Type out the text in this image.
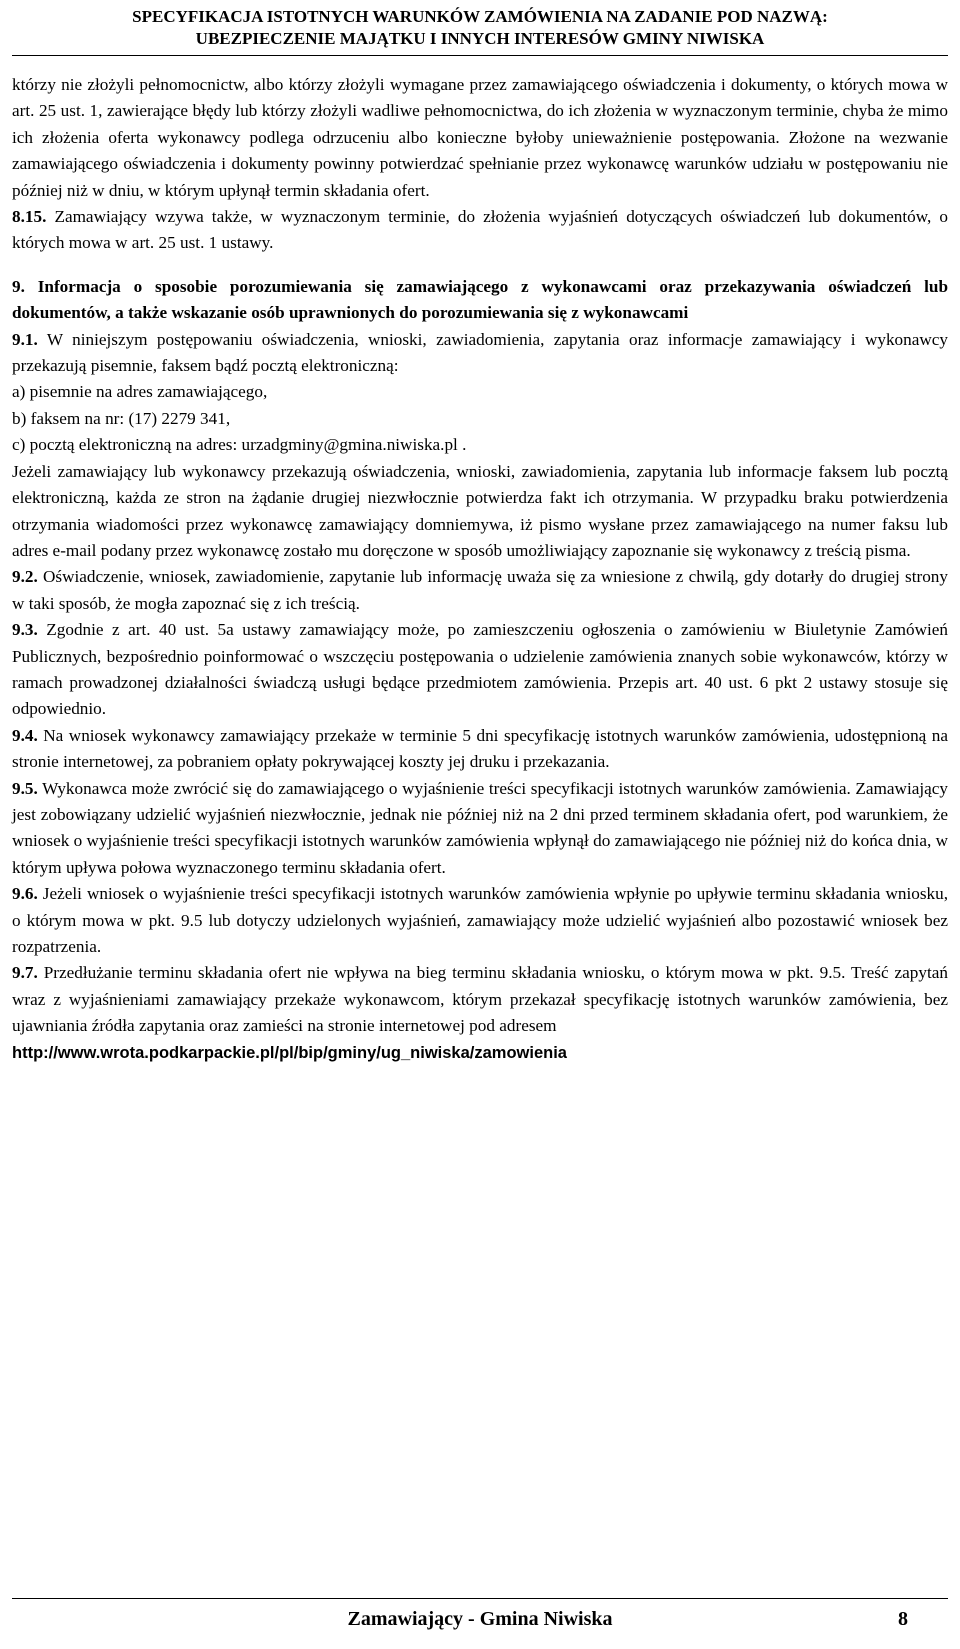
SPECYFIKACJA ISTOTNYCH WARUNKÓW ZAMÓWIENIA NA ZADANIE POD NAZWĄ:
UBEZPIECZENIE MAJĄTKU I INNYCH INTERESÓW GMINY NIWISKA

którzy nie złożyli pełnomocnictw, albo którzy złożyli wymagane przez zamawiającego oświadczenia i dokumenty, o których mowa w art. 25 ust. 1, zawierające błędy lub którzy złożyli wadliwe pełnomocnictwa, do ich złożenia w wyznaczonym terminie, chyba że mimo ich złożenia oferta wykonawcy podlega odrzuceniu albo konieczne byłoby unieważnienie postępowania. Złożone na wezwanie zamawiającego oświadczenia i dokumenty powinny potwierdzać spełnianie przez wykonawcę warunków udziału w postępowaniu nie później niż w dniu, w którym upłynął termin składania ofert.

8.15. Zamawiający wzywa także, w wyznaczonym terminie, do złożenia wyjaśnień dotyczących oświadczeń lub dokumentów, o których mowa w art. 25 ust. 1 ustawy.

9. Informacja o sposobie porozumiewania się zamawiającego z wykonawcami oraz przekazywania oświadczeń lub dokumentów, a także wskazanie osób uprawnionych do porozumiewania się z wykonawcami

9.1. W niniejszym postępowaniu oświadczenia, wnioski, zawiadomienia, zapytania oraz informacje zamawiający i wykonawcy przekazują pisemnie, faksem bądź pocztą elektroniczną:

a) pisemnie na adres zamawiającego,

b) faksem na nr: (17) 2279 341,

c) pocztą elektroniczną na adres: urzadgminy@gmina.niwiska.pl .

Jeżeli zamawiający lub wykonawcy przekazują oświadczenia, wnioski, zawiadomienia, zapytania lub informacje faksem lub pocztą elektroniczną, każda ze stron na żądanie drugiej niezwłocznie potwierdza fakt ich otrzymania. W przypadku braku potwierdzenia otrzymania wiadomości przez wykonawcę zamawiający domniemywa, iż pismo wysłane przez zamawiającego na numer faksu lub adres e-mail podany przez wykonawcę zostało mu doręczone w sposób umożliwiający zapoznanie się wykonawcy z treścią pisma.

9.2. Oświadczenie, wniosek, zawiadomienie, zapytanie lub informację uważa się za wniesione z chwilą, gdy dotarły do drugiej strony w taki sposób, że mogła zapoznać się z ich treścią.

9.3. Zgodnie z art. 40 ust. 5a ustawy zamawiający może, po zamieszczeniu ogłoszenia o zamówieniu w Biuletynie Zamówień Publicznych, bezpośrednio poinformować o wszczęciu postępowania o udzielenie zamówienia znanych sobie wykonawców, którzy w ramach prowadzonej działalności świadczą usługi będące przedmiotem zamówienia. Przepis art. 40 ust. 6 pkt 2 ustawy stosuje się odpowiednio.

9.4. Na wniosek wykonawcy zamawiający przekaże w terminie 5 dni specyfikację istotnych warunków zamówienia, udostępnioną na stronie internetowej, za pobraniem opłaty pokrywającej koszty jej druku i przekazania.

9.5. Wykonawca może zwrócić się do zamawiającego o wyjaśnienie treści specyfikacji istotnych warunków zamówienia. Zamawiający jest zobowiązany udzielić wyjaśnień niezwłocznie, jednak nie później niż na 2 dni przed terminem składania ofert, pod warunkiem, że wniosek o wyjaśnienie treści specyfikacji istotnych warunków zamówienia wpłynął do zamawiającego nie później niż do końca dnia, w którym upływa połowa wyznaczonego terminu składania ofert.

9.6. Jeżeli wniosek o wyjaśnienie treści specyfikacji istotnych warunków zamówienia wpłynie po upływie terminu składania wniosku, o którym mowa w pkt. 9.5 lub dotyczy udzielonych wyjaśnień, zamawiający może udzielić wyjaśnień albo pozostawić wniosek bez rozpatrzenia.

9.7. Przedłużanie terminu składania ofert nie wpływa na bieg terminu składania wniosku, o którym mowa w pkt. 9.5. Treść zapytań wraz z wyjaśnieniami zamawiający przekaże wykonawcom, którym przekazał specyfikację istotnych warunków zamówienia, bez ujawniania źródła zapytania oraz zamieści na stronie internetowej pod adresem

http://www.wrota.podkarpackie.pl/pl/bip/gminy/ug_niwiska/zamowienia

Zamawiający - Gmina Niwiska	8
